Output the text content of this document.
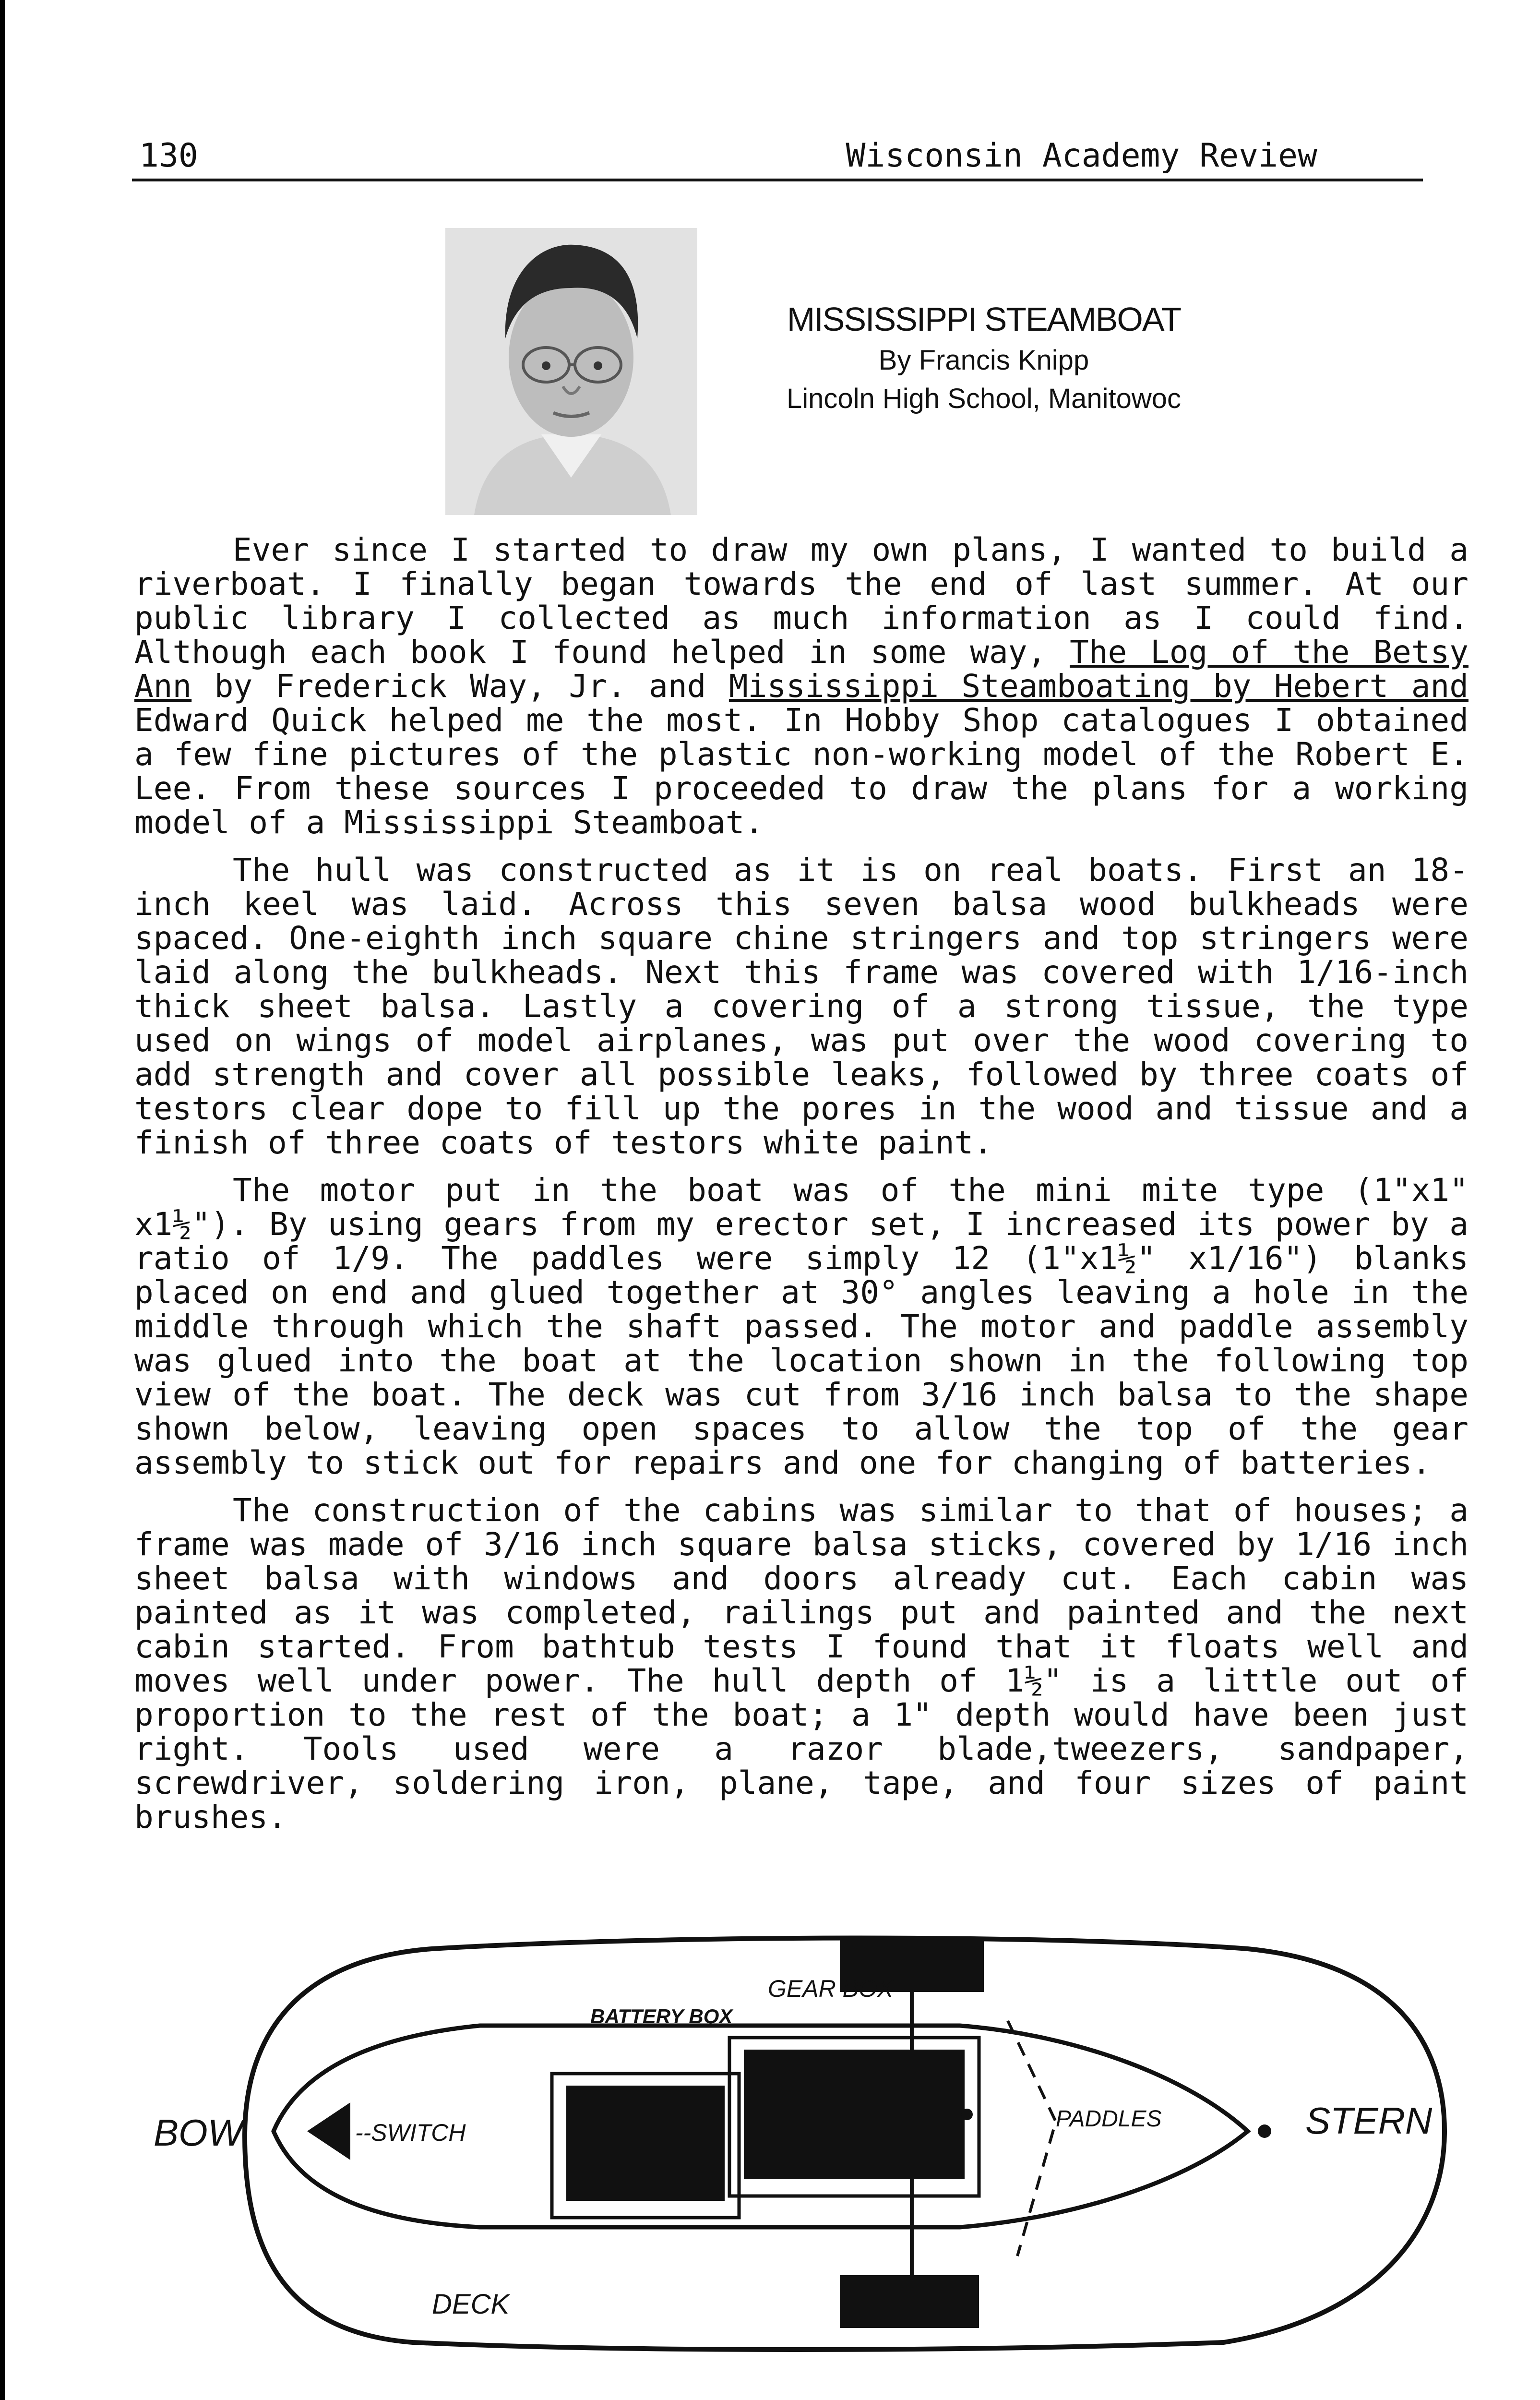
130	Wisconsin Academy Review
MISSISSIPPI STEAMBOAT
By Francis Knipp
Lincoln High School, Manitowoc

Ever since I started to draw my own plans, I wanted to build a riverboat. I finally began towards the end of last summer. At our public library I collected as much information as I could find. Although each book I found helped in some way, The Log of the Betsy Ann by Frederick Way, Jr. and Mississippi Steamboating by Hebert and Edward Quick helped me the most. In Hobby Shop catalogues I obtained a few fine pictures of the plastic non-working model of the Robert E. Lee. From these sources I proceeded to draw the plans for a working model of a Mississippi Steamboat.

The hull was constructed as it is on real boats. First an 18-inch keel was laid. Across this seven balsa wood bulkheads were spaced. One-eighth inch square chine stringers and top stringers were laid along the bulkheads. Next this frame was covered with 1/16-inch thick sheet balsa. Lastly a covering of a strong tissue, the type used on wings of model airplanes, was put over the wood covering to add strength and cover all possible leaks, followed by three coats of testors clear dope to fill up the pores in the wood and tissue and a finish of three coats of testors white paint.

The motor put in the boat was of the mini mite type (1"x1" x1½"). By using gears from my erector set, I increased its power by a ratio of 1/9. The paddles were simply 12 (1"x1½" x1/16") blanks placed on end and glued together at 30° angles leaving a hole in the middle through which the shaft passed. The motor and paddle assembly was glued into the boat at the location shown in the following top view of the boat. The deck was cut from 3/16 inch balsa to the shape shown below, leaving open spaces to allow the top of the gear assembly to stick out for repairs and one for changing of batteries.

The construction of the cabins was similar to that of houses; a frame was made of 3/16 inch square balsa sticks, covered by 1/16 inch sheet balsa with windows and doors already cut. Each cabin was painted as it was completed, railings put and painted and the next cabin started. From bathtub tests I found that it floats well and moves well under power. The hull depth of 1½" is a little out of proportion to the rest of the boat; a 1" depth would have been just right. Tools used were a razor blade,tweezers, sandpaper, screwdriver, soldering iron, plane, tape, and four sizes of paint brushes.

BOW	STERN
BATTERY BOX
GEAR BOX
--SWITCH
PADDLES
DECK
